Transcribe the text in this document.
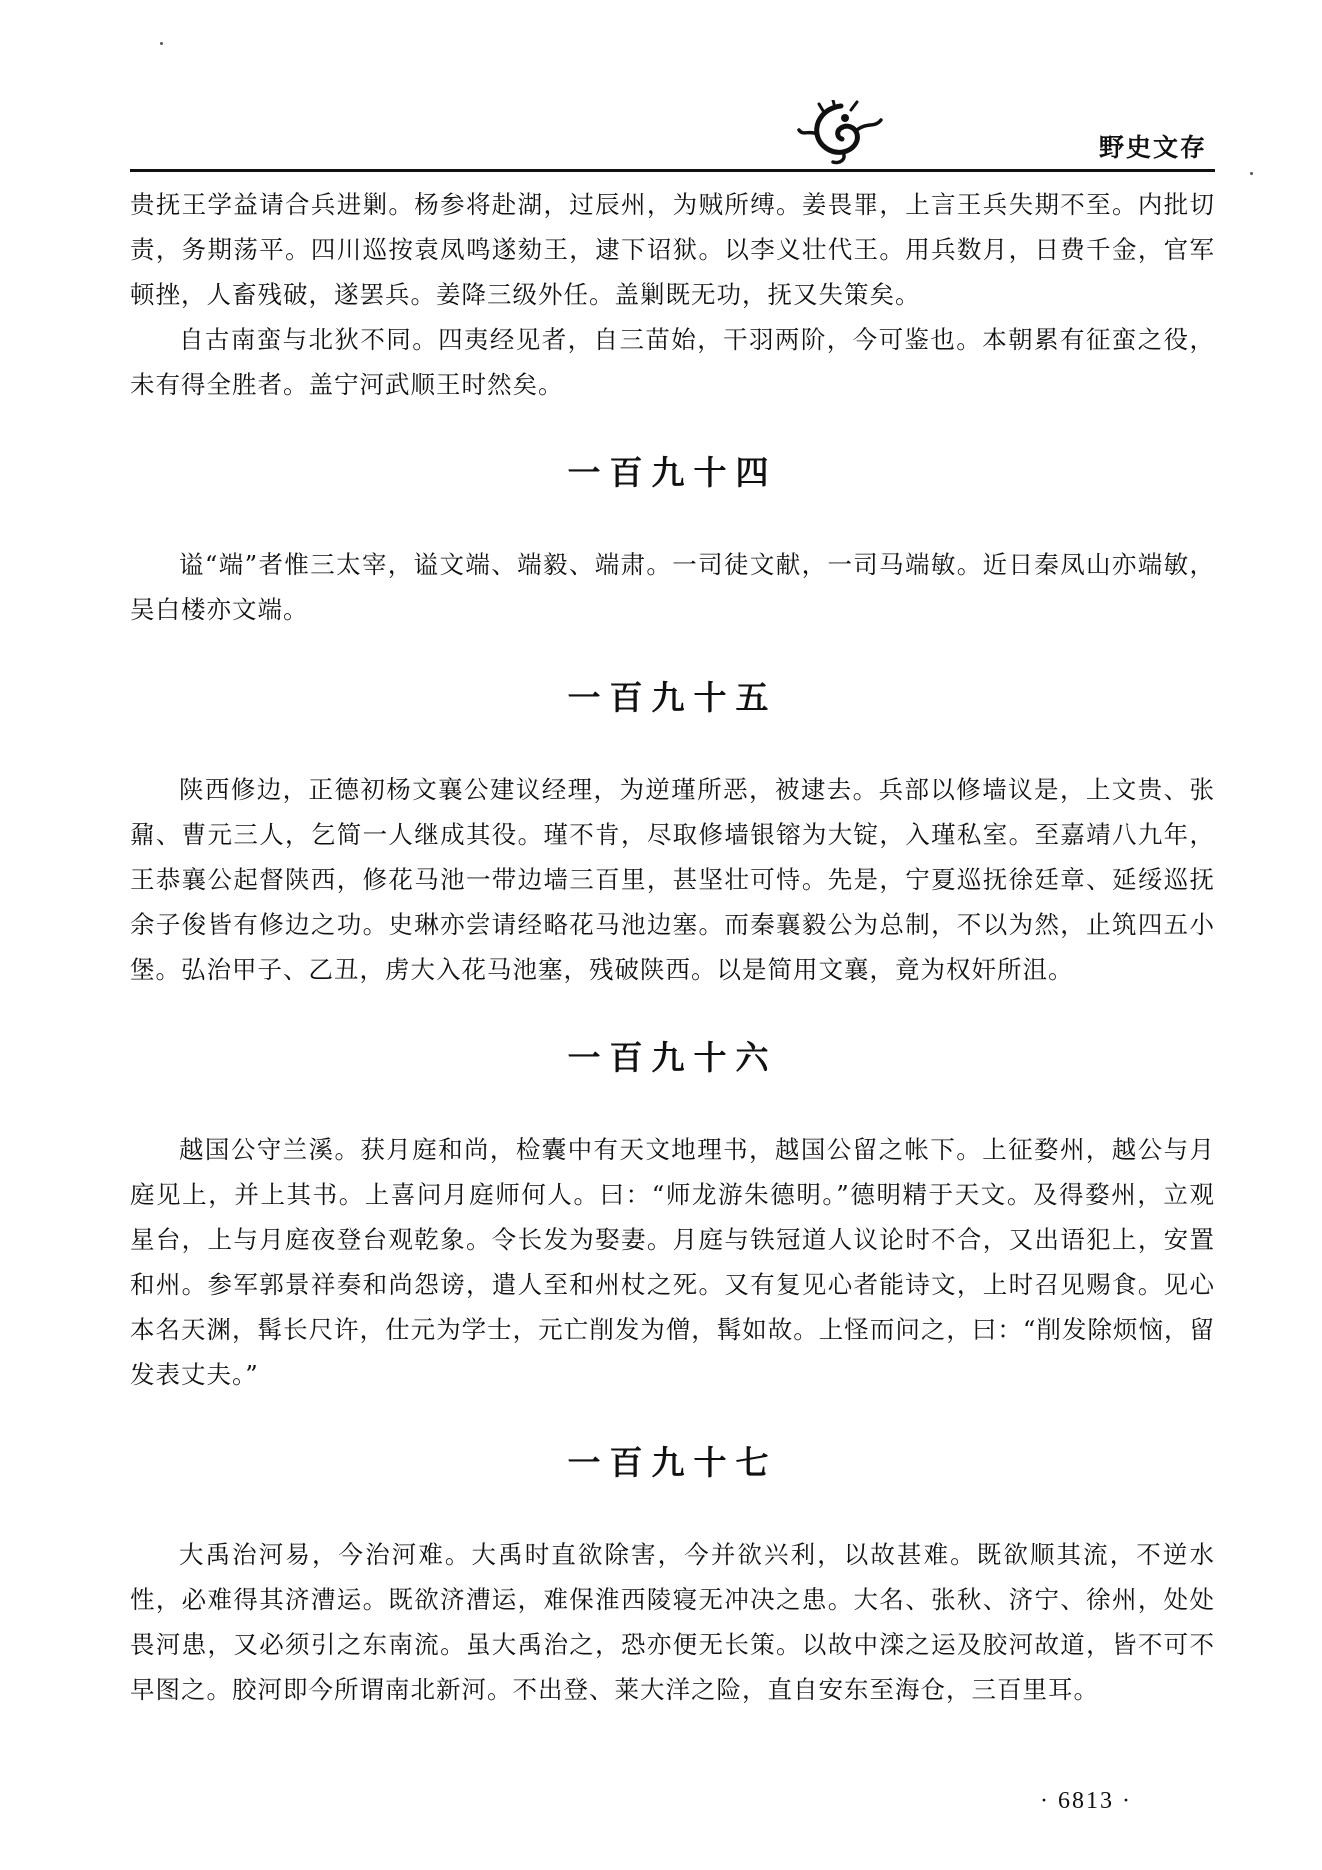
野史文存

贵抚王学益请合兵进剿。杨参将赴湖，过辰州，为贼所缚。姜畏罪，上言王兵失期不至。内批切责，务期荡平。四川巡按袁凤鸣遂劾王，逮下诏狱。以李义壮代王。用兵数月，日费千金，官军顿挫，人畜残破，遂罢兵。姜降三级外任。盖剿既无功，抚又失策矣。

自古南蛮与北狄不同。四夷经见者，自三苗始，干羽两阶，今可鉴也。本朝累有征蛮之役，未有得全胜者。盖宁河武顺王时然矣。

一百九十四

谥“端”者惟三太宰，谥文端、端毅、端肃。一司徒文献，一司马端敏。近日秦凤山亦端敏，吴白楼亦文端。

一百九十五

陕西修边，正德初杨文襄公建议经理，为逆瑾所恶，被逮去。兵部以修墙议是，上文贵、张鼐、曹元三人，乞简一人继成其役。瑾不肯，尽取修墙银镕为大锭，入瑾私室。至嘉靖八九年，王恭襄公起督陕西，修花马池一带边墙三百里，甚坚壮可恃。先是，宁夏巡抚徐廷章、延绥巡抚余子俊皆有修边之功。史琳亦尝请经略花马池边塞。而秦襄毅公为总制，不以为然，止筑四五小堡。弘治甲子、乙丑，虏大入花马池塞，残破陕西。以是简用文襄，竟为权奸所沮。

一百九十六

越国公守兰溪。获月庭和尚，检囊中有天文地理书，越国公留之帐下。上征婺州，越公与月庭见上，并上其书。上喜问月庭师何人。曰：“师龙游朱德明。”德明精于天文。及得婺州，立观星台，上与月庭夜登台观乾象。令长发为娶妻。月庭与铁冠道人议论时不合，又出语犯上，安置和州。参军郭景祥奏和尚怨谤，遣人至和州杖之死。又有复见心者能诗文，上时召见赐食。见心本名天渊，髯长尺许，仕元为学士，元亡削发为僧，髯如故。上怪而问之，曰：“削发除烦恼，留发表丈夫。”

一百九十七

大禹治河易，今治河难。大禹时直欲除害，今并欲兴利，以故甚难。既欲顺其流，不逆水性，必难得其济漕运。既欲济漕运，难保淮西陵寝无冲决之患。大名、张秋、济宁、徐州，处处畏河患，又必须引之东南流。虽大禹治之，恐亦便无长策。以故中滦之运及胶河故道，皆不可不早图之。胶河即今所谓南北新河。不出登、莱大洋之险，直自安东至海仓，三百里耳。

· 6813 ·
